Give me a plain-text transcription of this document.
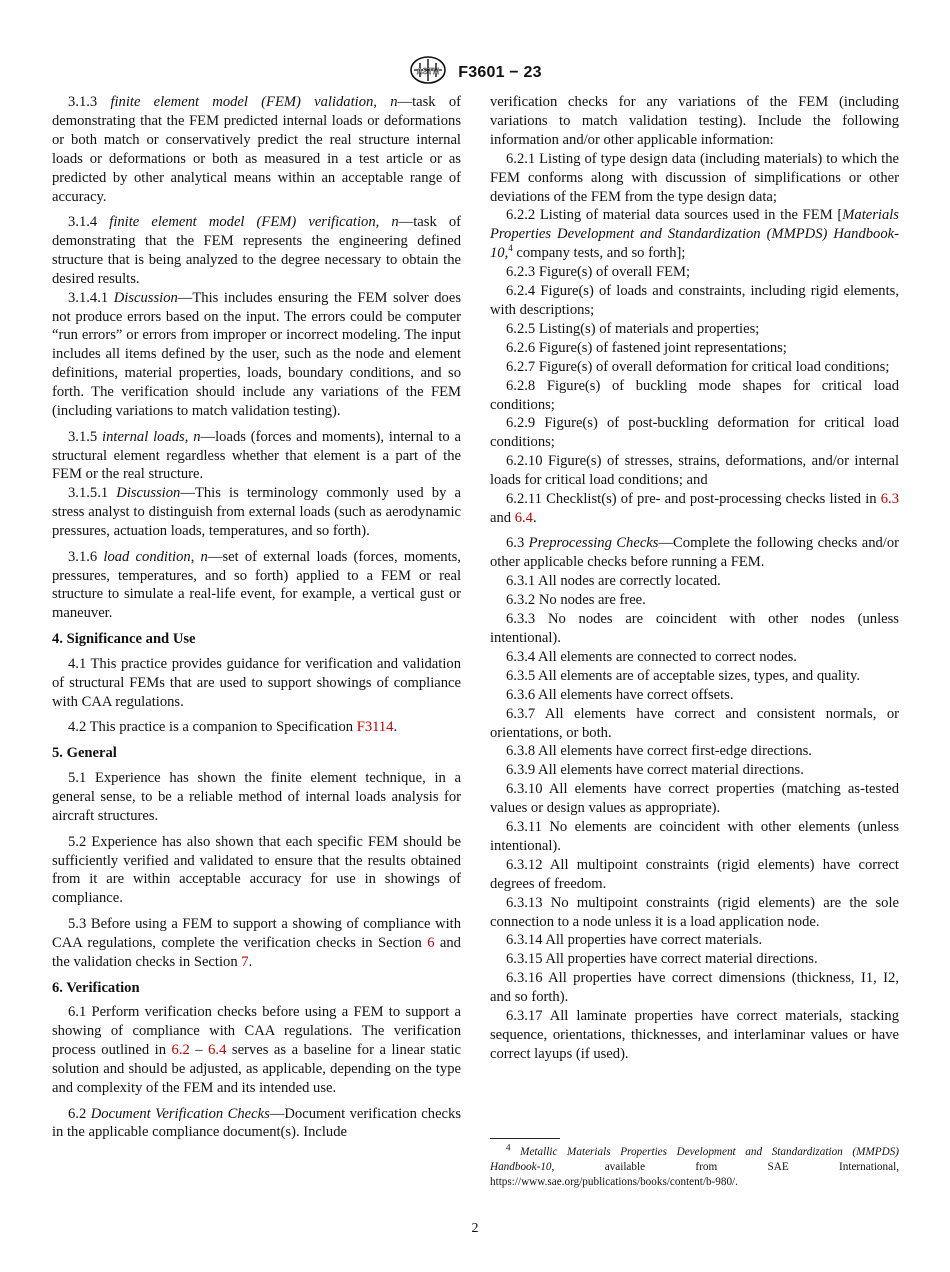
ASTM F3601 − 23

3.1.3 finite element model (FEM) validation, n—task of demonstrating that the FEM predicted internal loads or deformations or both match or conservatively predict the real structure internal loads or deformations or both as measured in a test article or as predicted by other analytical means within an acceptable range of accuracy.

3.1.4 finite element model (FEM) verification, n—task of demonstrating that the FEM represents the engineering defined structure that is being analyzed to the degree necessary to obtain the desired results.

3.1.4.1 Discussion—This includes ensuring the FEM solver does not produce errors based on the input. The errors could be computer “run errors” or errors from improper or incorrect modeling. The input includes all items defined by the user, such as the node and element definitions, material properties, loads, boundary conditions, and so forth. The verification should include any variations of the FEM (including variations to match validation testing).

3.1.5 internal loads, n—loads (forces and moments), internal to a structural element regardless whether that element is a part of the FEM or the real structure.

3.1.5.1 Discussion—This is terminology commonly used by a stress analyst to distinguish from external loads (such as aerodynamic pressures, actuation loads, temperatures, and so forth).

3.1.6 load condition, n—set of external loads (forces, moments, pressures, temperatures, and so forth) applied to a FEM or real structure to simulate a real-life event, for example, a vertical gust or maneuver.

4. Significance and Use

4.1 This practice provides guidance for verification and validation of structural FEMs that are used to support showings of compliance with CAA regulations.

4.2 This practice is a companion to Specification F3114.

5. General

5.1 Experience has shown the finite element technique, in a general sense, to be a reliable method of internal loads analysis for aircraft structures.

5.2 Experience has also shown that each specific FEM should be sufficiently verified and validated to ensure that the results obtained from it are within acceptable accuracy for use in showings of compliance.

5.3 Before using a FEM to support a showing of compliance with CAA regulations, complete the verification checks in Section 6 and the validation checks in Section 7.

6. Verification

6.1 Perform verification checks before using a FEM to support a showing of compliance with CAA regulations. The verification process outlined in 6.2 – 6.4 serves as a baseline for a linear static solution and should be adjusted, as applicable, depending on the type and complexity of the FEM and its intended use.

6.2 Document Verification Checks—Document verification checks in the applicable compliance document(s). Include

verification checks for any variations of the FEM (including variations to match validation testing). Include the following information and/or other applicable information:

6.2.1 Listing of type design data (including materials) to which the FEM conforms along with discussion of simplifications or other deviations of the FEM from the type design data;

6.2.2 Listing of material data sources used in the FEM [Materials Properties Development and Standardization (MMPDS) Handbook-10,$^4$ company tests, and so forth];

6.2.3 Figure(s) of overall FEM;

6.2.4 Figure(s) of loads and constraints, including rigid elements, with descriptions;

6.2.5 Listing(s) of materials and properties;

6.2.6 Figure(s) of fastened joint representations;

6.2.7 Figure(s) of overall deformation for critical load conditions;

6.2.8 Figure(s) of buckling mode shapes for critical load conditions;

6.2.9 Figure(s) of post-buckling deformation for critical load conditions;

6.2.10 Figure(s) of stresses, strains, deformations, and/or internal loads for critical load conditions; and

6.2.11 Checklist(s) of pre- and post-processing checks listed in 6.3 and 6.4.

6.3 Preprocessing Checks—Complete the following checks and/or other applicable checks before running a FEM.

6.3.1 All nodes are correctly located.

6.3.2 No nodes are free.

6.3.3 No nodes are coincident with other nodes (unless intentional).

6.3.4 All elements are connected to correct nodes.

6.3.5 All elements are of acceptable sizes, types, and quality.

6.3.6 All elements have correct offsets.

6.3.7 All elements have correct and consistent normals, or orientations, or both.

6.3.8 All elements have correct first-edge directions.

6.3.9 All elements have correct material directions.

6.3.10 All elements have correct properties (matching as-tested values or design values as appropriate).

6.3.11 No elements are coincident with other elements (unless intentional).

6.3.12 All multipoint constraints (rigid elements) have correct degrees of freedom.

6.3.13 No multipoint constraints (rigid elements) are the sole connection to a node unless it is a load application node.

6.3.14 All properties have correct materials.

6.3.15 All properties have correct material directions.

6.3.16 All properties have correct dimensions (thickness, I1, I2, and so forth).

6.3.17 All laminate properties have correct materials, stacking sequence, orientations, thicknesses, and interlaminar values or have correct layups (if used).

$^4$ Metallic Materials Properties Development and Standardization (MMPDS) Handbook-10, available from SAE International, https://www.sae.org/publications/books/content/b-980/.
2
